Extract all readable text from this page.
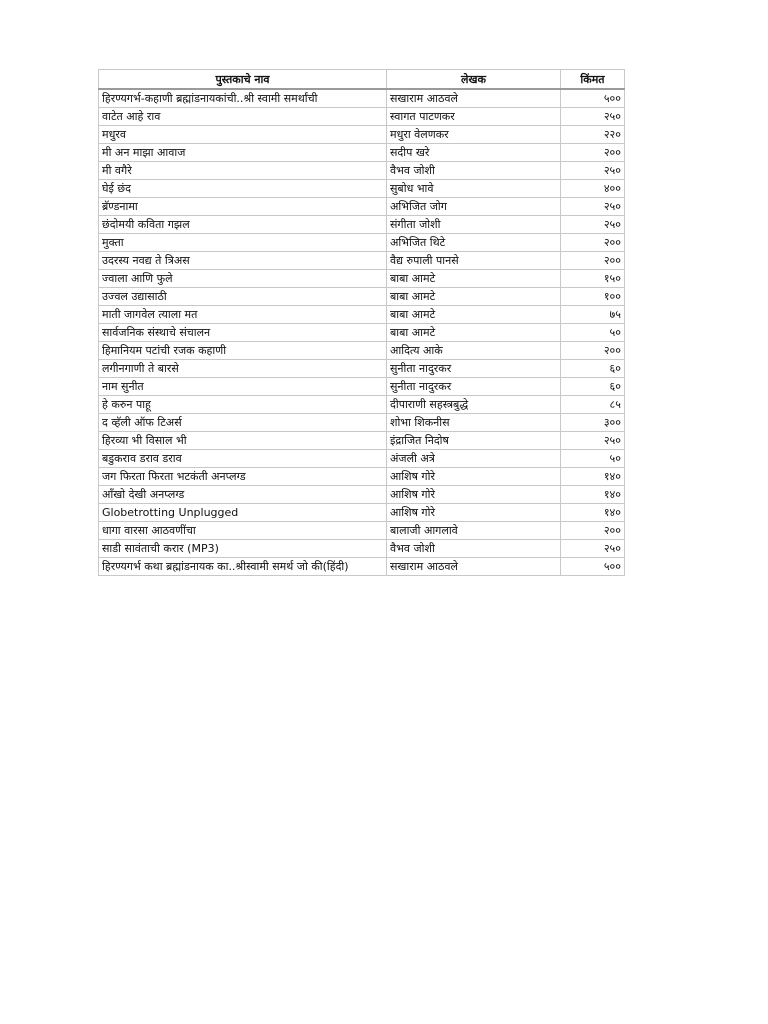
पुस्तकाचे नाव	लेखक	किंमत
हिरण्यगर्भ-कहाणी ब्रह्मांडनायकांची..श्री स्वामी समर्थांची	सखाराम आठवले	५००
वाटेत आहे राव	स्वागत पाटणकर	२५०
मधुरव	मधुरा वेलणकर	२२०
मी अन माझा आवाज	सदीप खरे	२००
मी वगैरे	वैभव जोशी	२५०
घेई छंद	सुबोध भावे	४००
ब्रॅण्डनामा	अभिजित जोग	२५०
छंदोमयी कविता गझल	संगीता जोशी	२५०
मुक्ता	अभिजित थिटे	२००
उदरस्य नवद्य ते त्रिअस	वैद्य रुपाली पानसे	२००
ज्वाला आणि फुले	बाबा आमटे	१५०
उज्वल उद्यासाठी	बाबा आमटे	१००
माती जागवेल त्याला मत	बाबा आमटे	७५
सार्वजनिक संस्थाचे संचालन	बाबा आमटे	५०
हिमानियम पटांची रजक कहाणी	आदित्य आके	२००
लगीनगाणी ते बारसे	सुनीता नादुरकर	६०
नाम सुनीत	सुनीता नादुरकर	६०
हे करुन पाहू	दीपाराणी सहस्त्रबुद्धे	८५
द व्हॅली ऑफ टिअर्स	शोभा शिकनीस	३००
हिरव्या भी विसाल भी	इंद्राजित निदोष	२५०
बडुकराव डराव डराव	अंजली अत्रे	५०
जग फिरता फिरता भटकंती अनप्लग्ड	आशिष गोरे	१४०
आँखो देखी अनप्लग्ड	आशिष गोरे	१४०
Globetrotting Unplugged	आशिष गोरे	१४०
धागा वारसा आठवणींचा	बालाजी आगलावे	२००
साडी सावंताची करार (MP3)	वैभव जोशी	२५०
हिरण्यगर्भ कथा ब्रह्मांडनायक का..श्रीस्वामी समर्थ जो की(हिंदी)	सखाराम आठवले	५००
